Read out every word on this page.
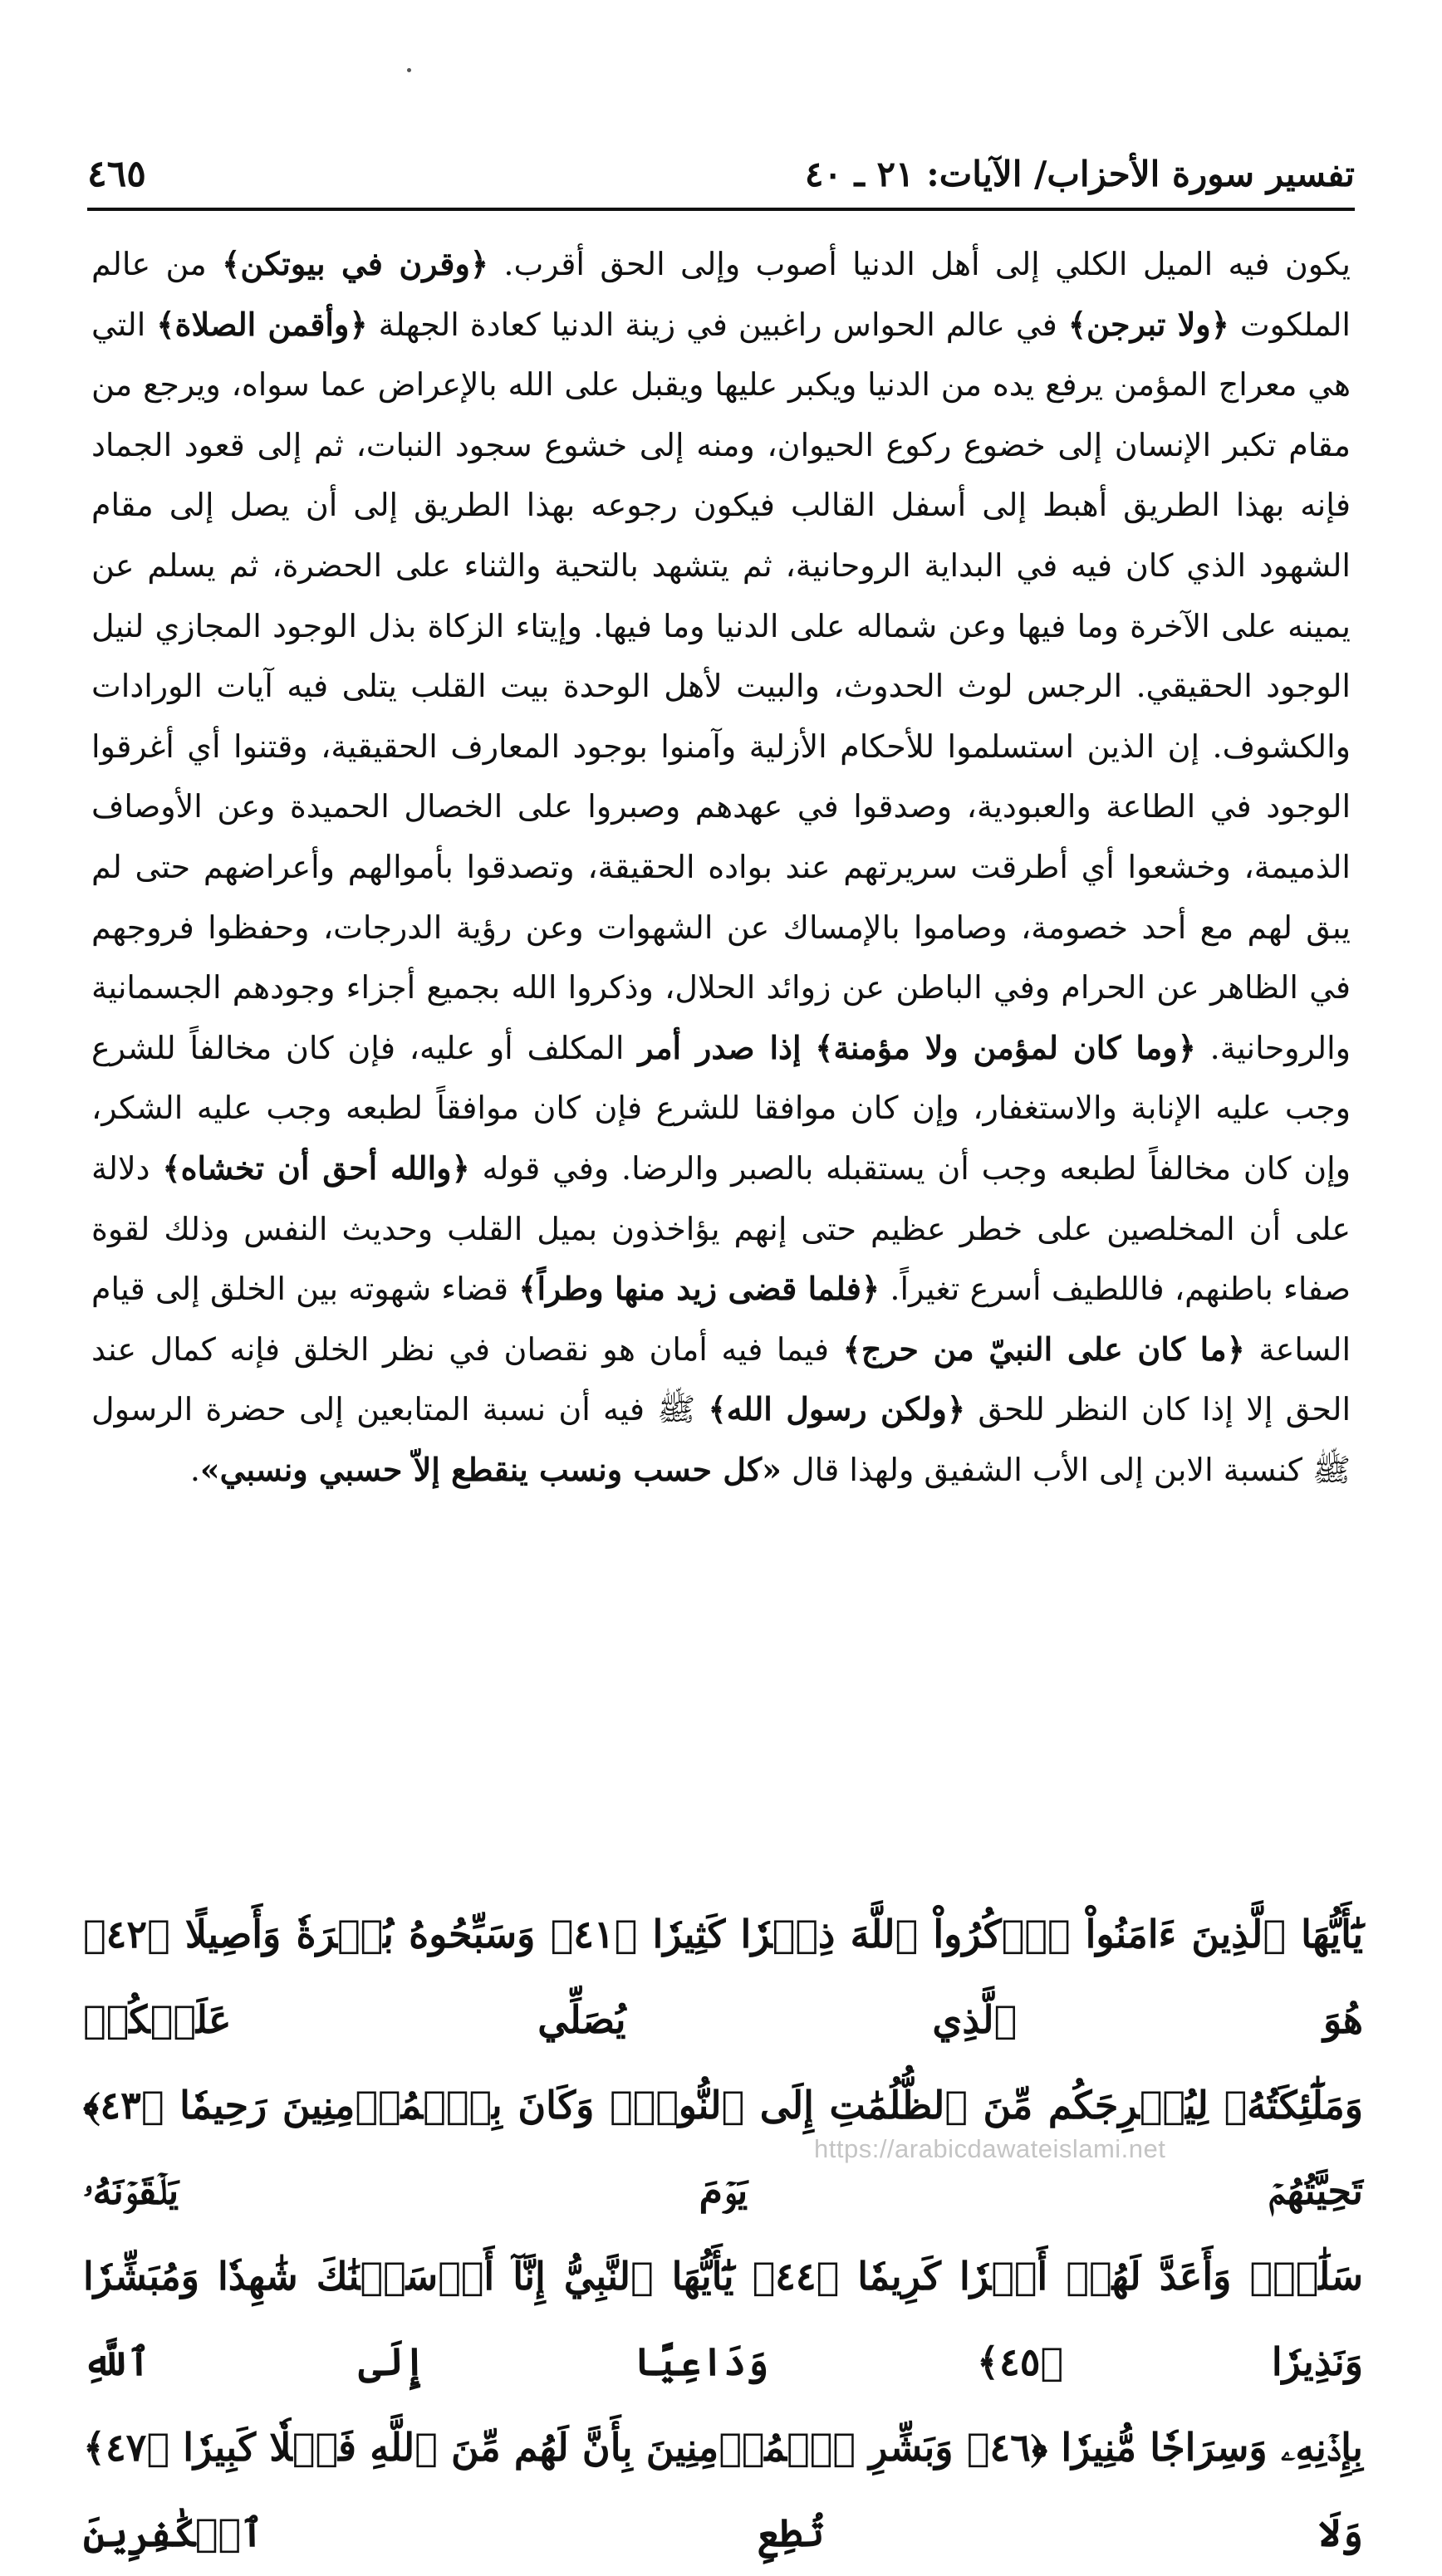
تفسير سورة الأحزاب/ الآيات: ٢١ ـ ٤٠
٤٦٥

يكون فيه الميل الكلي إلى أهل الدنيا أصوب وإلى الحق أقرب. ﴿وقرن في بيوتكن﴾ من عالم الملكوت ﴿ولا تبرجن﴾ في عالم الحواس راغبين في زينة الدنيا كعادة الجهلة ﴿وأقمن الصلاة﴾ التي هي معراج المؤمن يرفع يده من الدنيا ويكبر عليها ويقبل على الله بالإعراض عما سواه، ويرجع من مقام تكبر الإنسان إلى خضوع ركوع الحيوان، ومنه إلى خشوع سجود النبات، ثم إلى قعود الجماد فإنه بهذا الطريق أهبط إلى أسفل القالب فيكون رجوعه بهذا الطريق إلى أن يصل إلى مقام الشهود الذي كان فيه في البداية الروحانية، ثم يتشهد بالتحية والثناء على الحضرة، ثم يسلم عن يمينه على الآخرة وما فيها وعن شماله على الدنيا وما فيها. وإيتاء الزكاة بذل الوجود المجازي لنيل الوجود الحقيقي. الرجس لوث الحدوث، والبيت لأهل الوحدة بيت القلب يتلى فيه آيات الورادات والكشوف. إن الذين استسلموا للأحكام الأزلية وآمنوا بوجود المعارف الحقيقية، وقتنوا أي أغرقوا الوجود في الطاعة والعبودية، وصدقوا في عهدهم وصبروا على الخصال الحميدة وعن الأوصاف الذميمة، وخشعوا أي أطرقت سريرتهم عند بواده الحقيقة، وتصدقوا بأموالهم وأعراضهم حتى لم يبق لهم مع أحد خصومة، وصاموا بالإمساك عن الشهوات وعن رؤية الدرجات، وحفظوا فروجهم في الظاهر عن الحرام وفي الباطن عن زوائد الحلال، وذكروا الله بجميع أجزاء وجودهم الجسمانية والروحانية. ﴿وما كان لمؤمن ولا مؤمنة﴾ إذا صدر أمر المكلف أو عليه، فإن كان مخالفاً للشرع وجب عليه الإنابة والاستغفار، وإن كان موافقا للشرع فإن كان موافقاً لطبعه وجب عليه الشكر، وإن كان مخالفاً لطبعه وجب أن يستقبله بالصبر والرضا. وفي قوله ﴿والله أحق أن تخشاه﴾ دلالة على أن المخلصين على خطر عظيم حتى إنهم يؤاخذون بميل القلب وحديث النفس وذلك لقوة صفاء باطنهم، فاللطيف أسرع تغيراً. ﴿فلما قضى زيد منها وطراً﴾ قضاء شهوته بين الخلق إلى قيام الساعة ﴿ما كان على النبيّ من حرج﴾ فيما فيه أمان هو نقصان في نظر الخلق فإنه كمال عند الحق إلا إذا كان النظر للحق ﴿ولكن رسول الله﴾ ﷺ فيه أن نسبة المتابعين إلى حضرة الرسول ﷺ كنسبة الابن إلى الأب الشفيق ولهذا قال «كل حسب ونسب ينقطع إلاّ حسبي ونسبي».

يَٰٓأَيُّهَا ٱلَّذِينَ ءَامَنُواْ ٱذۡكُرُواْ ٱللَّهَ ذِكۡرٗا كَثِيرٗا ﴿٤١﴾ وَسَبِّحُوهُ بُكۡرَةٗ وَأَصِيلًا ﴿٤٢﴾ هُوَ ٱلَّذِي يُصَلِّي عَلَيۡكُمۡ

وَمَلَٰٓئِكَتُهُۥ لِيُخۡرِجَكُم مِّنَ ٱلظُّلُمَٰتِ إِلَى ٱلنُّورِۚ وَكَانَ بِٱلۡمُؤۡمِنِينَ رَحِيمٗا ﴿٤٣﴾ تَحِيَّتُهُمۡ يَوۡمَ يَلۡقَوۡنَهُۥ

سَلَٰمٞۚ وَأَعَدَّ لَهُمۡ أَجۡرٗا كَرِيمٗا ﴿٤٤﴾ يَٰٓأَيُّهَا ٱلنَّبِيُّ إِنَّآ أَرۡسَلۡنَٰكَ شَٰهِدٗا وَمُبَشِّرٗا وَنَذِيرٗا ﴿٤٥﴾ وَدَاعِيًا إِلَى ٱللَّهِ

بِإِذۡنِهِۦ وَسِرَاجٗا مُّنِيرٗا ﴿٤٦﴾ وَبَشِّرِ ٱلۡمُؤۡمِنِينَ بِأَنَّ لَهُم مِّنَ ٱللَّهِ فَضۡلٗا كَبِيرٗا ﴿٤٧﴾ وَلَا تُطِعِ ٱلۡكَٰفِرِينَ

https://arabicdawateislami.net
